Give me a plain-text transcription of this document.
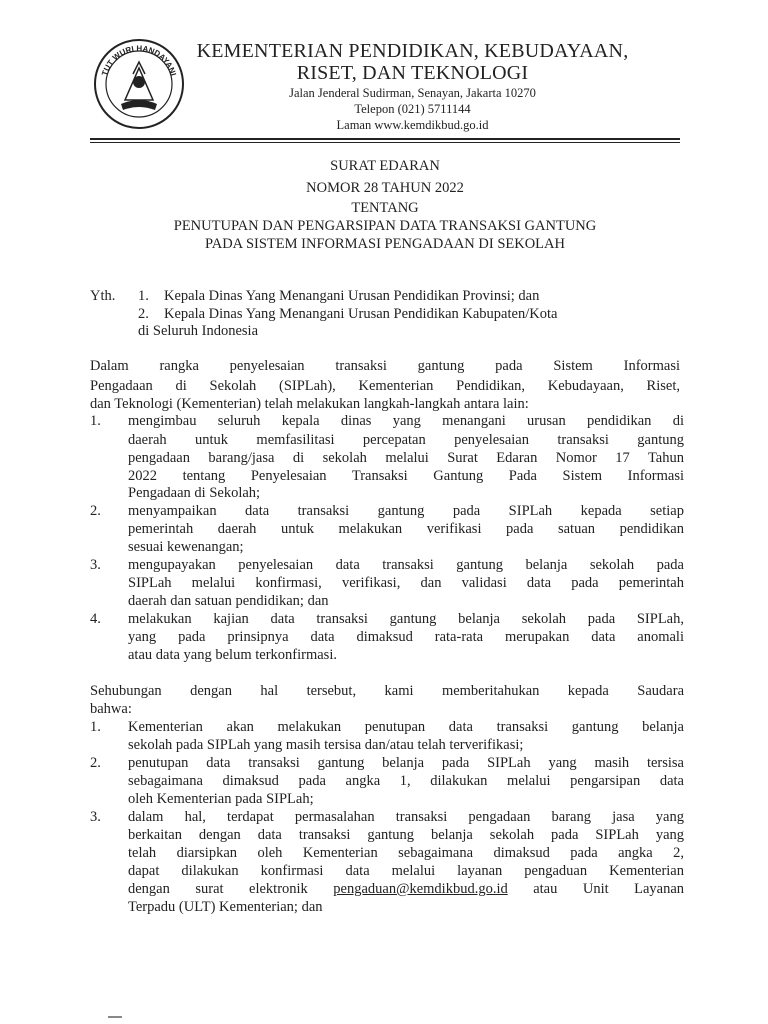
TUT WURI HANDAYANI
KEMENTERIAN PENDIDIKAN, KEBUDAYAAN,
RISET, DAN TEKNOLOGI
Jalan Jenderal Sudirman, Senayan, Jakarta 10270
Telepon (021) 5711144
Laman www.kemdikbud.go.id
SURAT EDARAN
NOMOR 28 TAHUN 2022
TENTANG
PENUTUPAN DAN PENGARSIPAN DATA TRANSAKSI GANTUNG
PADA SISTEM INFORMASI PENGADAAN DI SEKOLAH
Yth. 1. Kepala Dinas Yang Menangani Urusan Pendidikan Provinsi; dan
2. Kepala Dinas Yang Menangani Urusan Pendidikan Kabupaten/Kota
di Seluruh Indonesia
Dalam rangka penyelesaian transaksi gantung pada Sistem Informasi
Pengadaan di Sekolah (SIPLah), Kementerian Pendidikan, Kebudayaan, Riset,
dan Teknologi (Kementerian) telah melakukan langkah-langkah antara lain:
1. mengimbau seluruh kepala dinas yang menangani urusan pendidikan di
daerah untuk memfasilitasi percepatan penyelesaian transaksi gantung
pengadaan barang/jasa di sekolah melalui Surat Edaran Nomor 17 Tahun
2022 tentang Penyelesaian Transaksi Gantung Pada Sistem Informasi
Pengadaan di Sekolah;
2. menyampaikan data transaksi gantung pada SIPLah kepada setiap
pemerintah daerah untuk melakukan verifikasi pada satuan pendidikan
sesuai kewenangan;
3. mengupayakan penyelesaian data transaksi gantung belanja sekolah pada
SIPLah melalui konfirmasi, verifikasi, dan validasi data pada pemerintah
daerah dan satuan pendidikan; dan
4. melakukan kajian data transaksi gantung belanja sekolah pada SIPLah,
yang pada prinsipnya data dimaksud rata-rata merupakan data anomali
atau data yang belum terkonfirmasi.
Sehubungan dengan hal tersebut, kami memberitahukan kepada Saudara
bahwa:
1. Kementerian akan melakukan penutupan data transaksi gantung belanja
sekolah pada SIPLah yang masih tersisa dan/atau telah terverifikasi;
2. penutupan data transaksi gantung belanja pada SIPLah yang masih tersisa
sebagaimana dimaksud pada angka 1, dilakukan melalui pengarsipan data
oleh Kementerian pada SIPLah;
3. dalam hal, terdapat permasalahan transaksi pengadaan barang jasa yang
berkaitan dengan data transaksi gantung belanja sekolah pada SIPLah yang
telah diarsipkan oleh Kementerian sebagaimana dimaksud pada angka 2,
dapat dilakukan konfirmasi data melalui layanan pengaduan Kementerian
dengan surat elektronik pengaduan@kemdikbud.go.id atau Unit Layanan
Terpadu (ULT) Kementerian; dan
